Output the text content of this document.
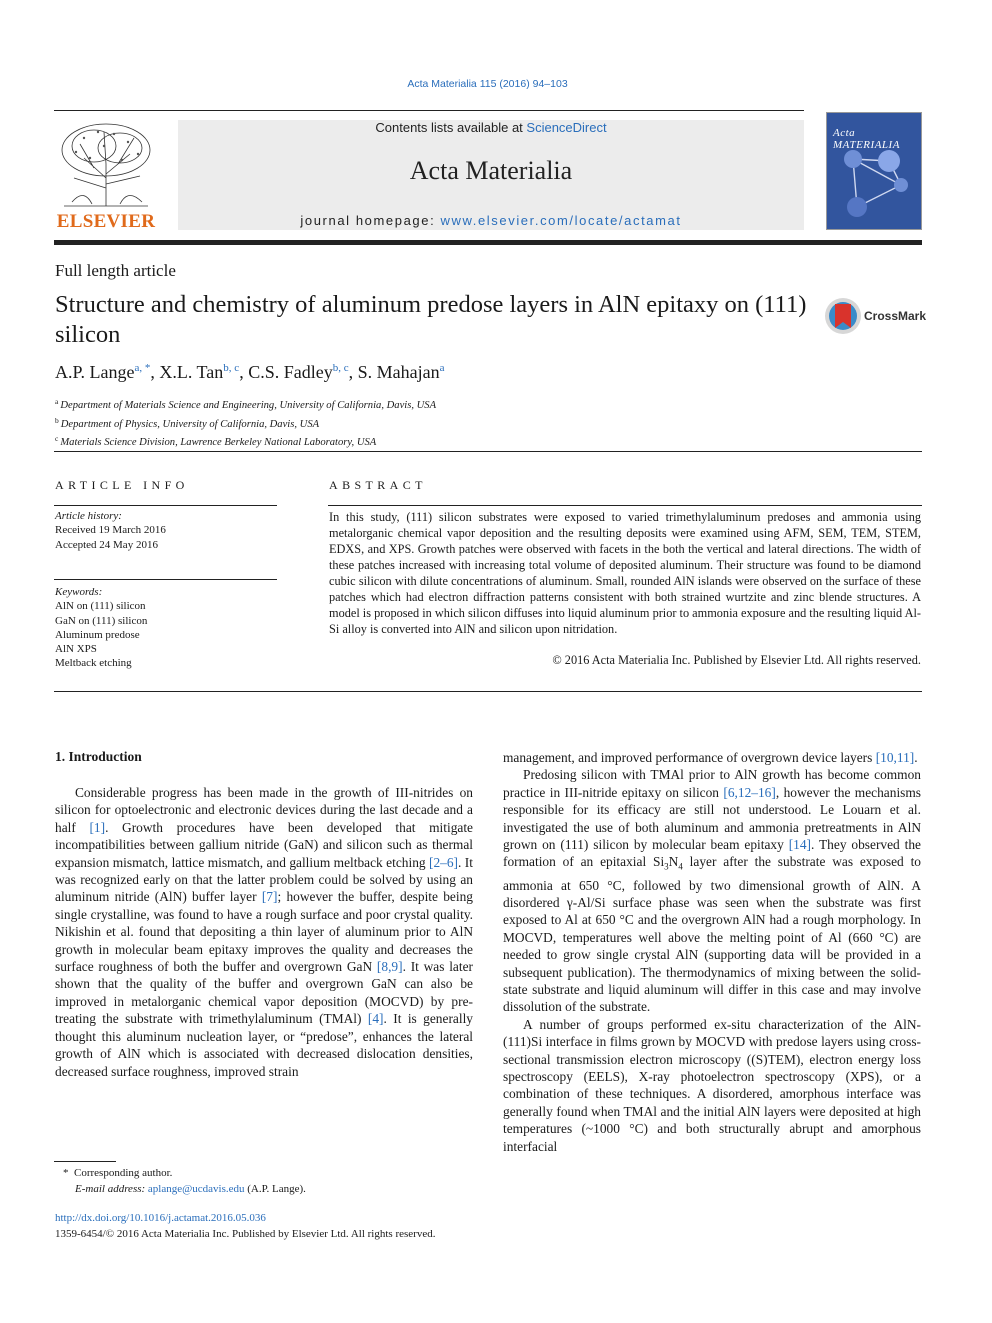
Acta Materialia 115 (2016) 94–103
ELSEVIER
Contents lists available at ScienceDirect
Acta Materialia
journal homepage: www.elsevier.com/locate/actamat
Acta MATERIALIA
Full length article
Structure and chemistry of aluminum predose layers in AlN epitaxy on (111) silicon
CrossMark
A.P. Lange$^{a, *}$, X.L. Tan$^{b, c}$, C.S. Fadley$^{b, c}$, S. Mahajan$^a$
$^a$ Department of Materials Science and Engineering, University of California, Davis, USA
$^b$ Department of Physics, University of California, Davis, USA
$^c$ Materials Science Division, Lawrence Berkeley National Laboratory, USA
ARTICLE INFO	ABSTRACT
Article history:
Received 19 March 2016
Accepted 24 May 2016
Keywords:
AlN on (111) silicon
GaN on (111) silicon
Aluminum predose
AlN XPS
Meltback etching
In this study, (111) silicon substrates were exposed to varied trimethylaluminum predoses and ammonia using metalorganic chemical vapor deposition and the resulting deposits were examined using AFM, SEM, TEM, STEM, EDXS, and XPS. Growth patches were observed with facets in the both the vertical and lateral directions. The width of these patches increased with increasing total volume of deposited aluminum. Their structure was found to be diamond cubic silicon with dilute concentrations of aluminum. Small, rounded AlN islands were observed on the surface of these patches which had electron diffraction patterns consistent with both strained wurtzite and zinc blende structures. A model is proposed in which silicon diffuses into liquid aluminum prior to ammonia exposure and the resulting liquid Al-Si alloy is converted into AlN and silicon upon nitridation.
© 2016 Acta Materialia Inc. Published by Elsevier Ltd. All rights reserved.
1. Introduction

Considerable progress has been made in the growth of III-nitrides on silicon for optoelectronic and electronic devices during the last decade and a half [1]. Growth procedures have been developed that mitigate incompatibilities between gallium nitride (GaN) and silicon such as thermal expansion mismatch, lattice mismatch, and gallium meltback etching [2–6]. It was recognized early on that the latter problem could be solved by using an aluminum nitride (AlN) buffer layer [7]; however the buffer, despite being single crystalline, was found to have a rough surface and poor crystal quality. Nikishin et al. found that depositing a thin layer of aluminum prior to AlN growth in molecular beam epitaxy improves the quality and decreases the surface roughness of both the buffer and overgrown GaN [8,9]. It was later shown that the quality of the buffer and overgrown GaN can also be improved in metalorganic chemical vapor deposition (MOCVD) by pre-treating the substrate with trimethylaluminum (TMAl) [4]. It is generally thought this aluminum nucleation layer, or “predose”, enhances the lateral growth of AlN which is associated with decreased dislocation densities, decreased surface roughness, improved strain

management, and improved performance of overgrown device layers [10,11].

Predosing silicon with TMAl prior to AlN growth has become common practice in III-nitride epitaxy on silicon [6,12–16], however the mechanisms responsible for its efficacy are still not understood. Le Louarn et al. investigated the use of both aluminum and ammonia pretreatments in AlN grown on (111) silicon by molecular beam epitaxy [14]. They observed the formation of an epitaxial $Si_3N_4$ layer after the substrate was exposed to ammonia at 650 °C, followed by two dimensional growth of AlN. A disordered γ-Al/Si surface phase was seen when the substrate was first exposed to Al at 650 °C and the overgrown AlN had a rough morphology. In MOCVD, temperatures well above the melting point of Al (660 °C) are needed to grow single crystal AlN (supporting data will be provided in a subsequent publication). The thermodynamics of mixing between the solid-state substrate and liquid aluminum will differ in this case and may involve dissolution of the substrate.

A number of groups performed ex-situ characterization of the AlN-(111)Si interface in films grown by MOCVD with predose layers using cross-sectional transmission electron microscopy ((S)TEM), electron energy loss spectroscopy (EELS), X-ray photoelectron spectroscopy (XPS), or a combination of these techniques. A disordered, amorphous interface was generally found when TMAl and the initial AlN layers were deposited at high temperatures (~1000 °C) and both structurally abrupt and amorphous interfacial

* Corresponding author.
E-mail address: aplange@ucdavis.edu (A.P. Lange).
http://dx.doi.org/10.1016/j.actamat.2016.05.036
1359-6454/© 2016 Acta Materialia Inc. Published by Elsevier Ltd. All rights reserved.
